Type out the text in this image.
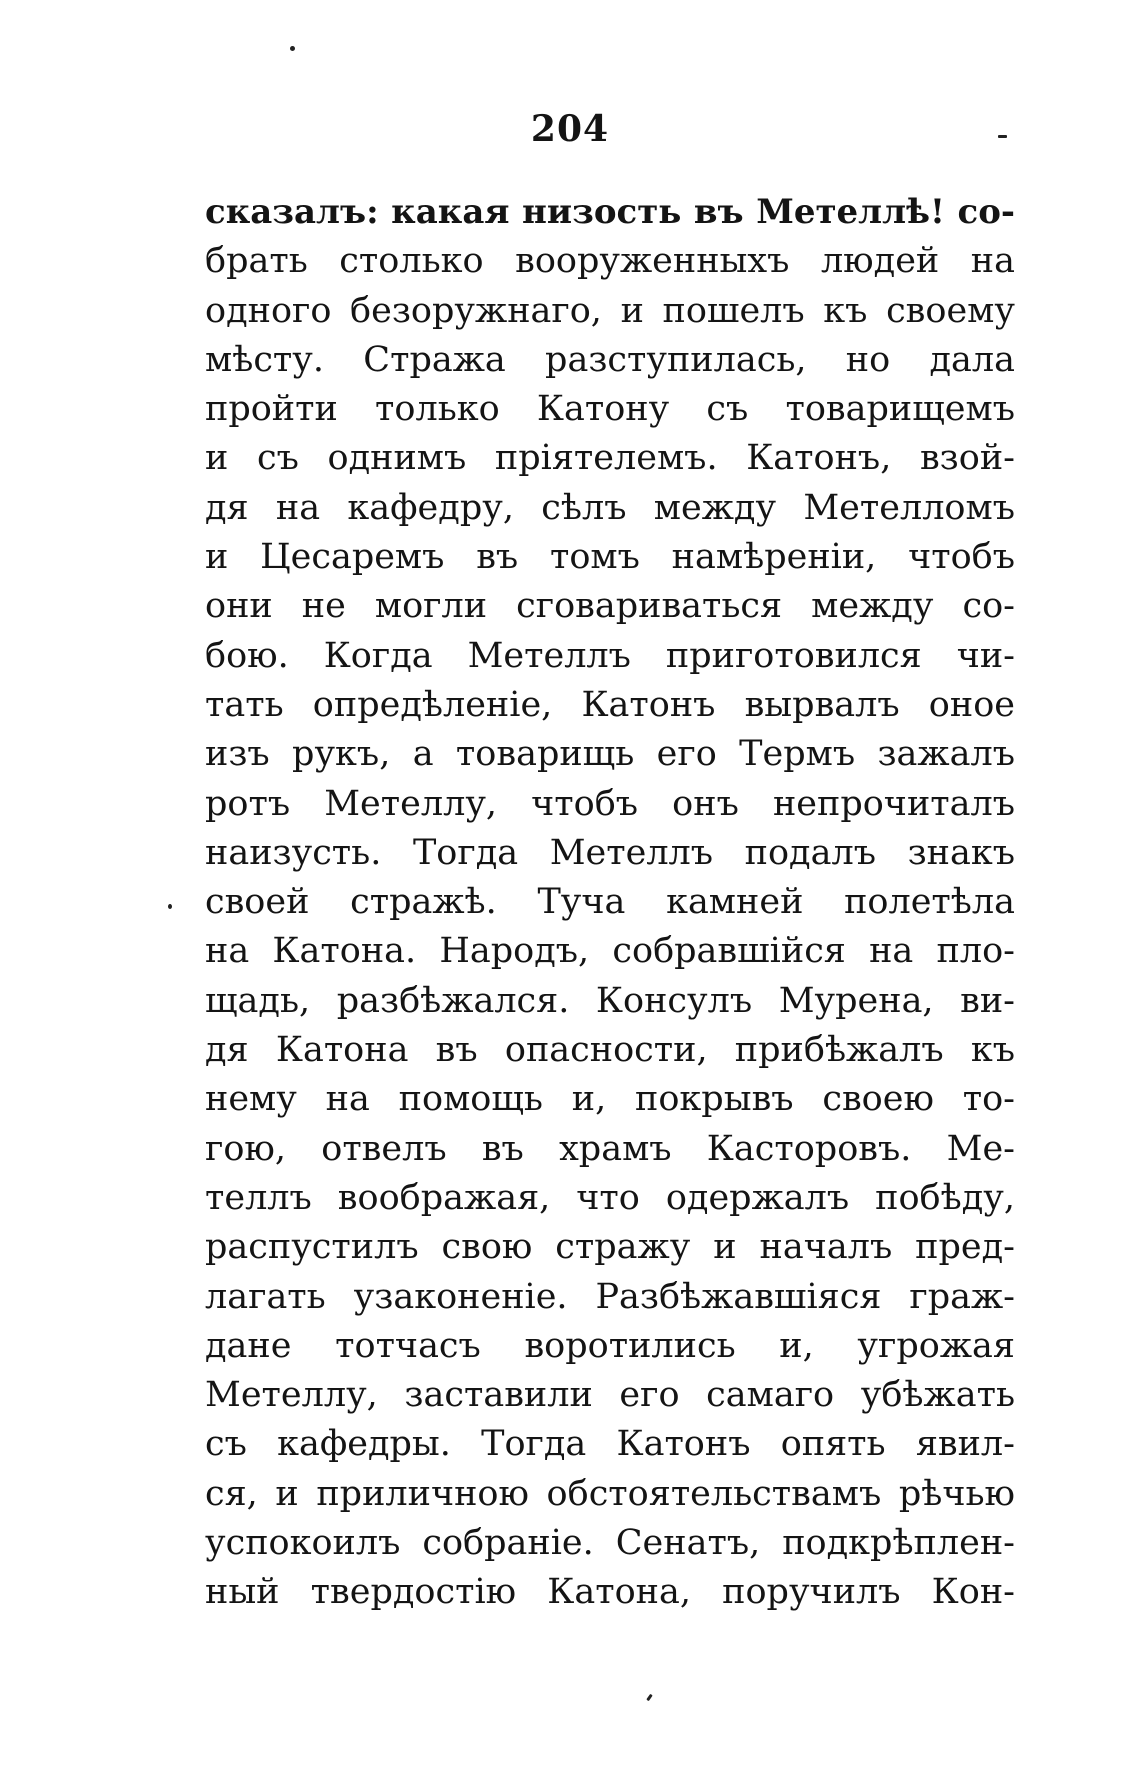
204
сказалъ: какая низость въ Метеллѣ! со-
брать столько вооруженныхъ людей на
одного безоружнаго, и пошелъ къ своему
мѣсту. Стража разступилась, но дала
пройти только Катону съ товарищемъ
и съ однимъ пріятелемъ. Катонъ, взой-
дя на кафедру, сѣлъ между Метелломъ
и Цесаремъ въ томъ намѣреніи, чтобъ
они не могли сговариваться между со-
бою. Когда Метеллъ приготовился чи-
тать опредѣленіе, Катонъ вырвалъ оное
изъ рукъ, а товарищь его Термъ зажалъ
ротъ Метеллу, чтобъ онъ непрочиталъ
наизусть. Тогда Метеллъ подалъ знакъ
своей стражѣ. Туча камней полетѣла
на Катона. Народъ, собравшійся на пло-
щадь, разбѣжался. Консулъ Мурена, ви-
дя Катона въ опасности, прибѣжалъ къ
нему на помощь и, покрывъ своею то-
гою, отвелъ въ храмъ Касторовъ. Ме-
теллъ воображая, что одержалъ побѣду,
распустилъ свою стражу и началъ пред-
лагать узаконеніе. Разбѣжавшіяся граж-
дане тотчасъ воротились и, угрожая
Метеллу, заставили его самаго убѣжать
съ кафедры. Тогда Катонъ опять явил-
ся, и приличною обстоятельствамъ рѣчью
успокоилъ собраніе. Сенатъ, подкрѣплен-
ный твердостію Катона, поручилъ Кон-
